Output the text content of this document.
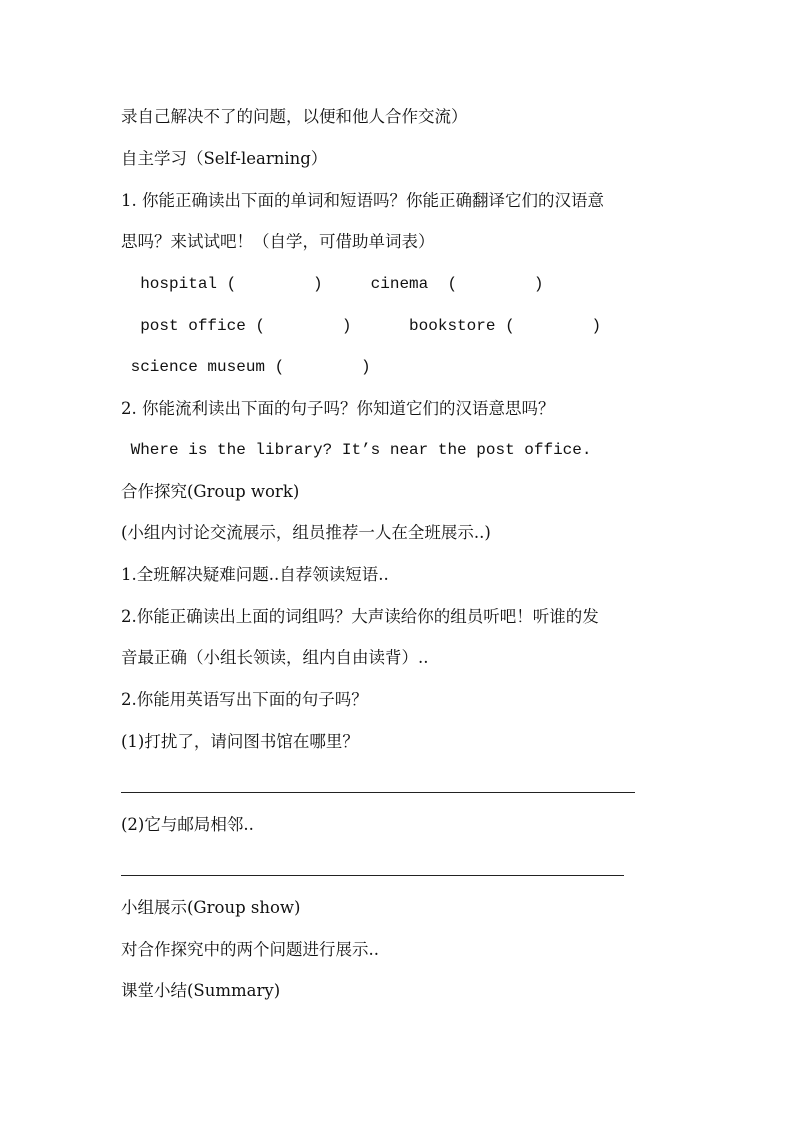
录自己解决不了的问题，以便和他人合作交流）
自主学习（Self-learning）
1. 你能正确读出下面的单词和短语吗？你能正确翻译它们的汉语意
思吗？来试试吧！（自学，可借助单词表）
hospital (        )     cinema  (        )
post office (        )      bookstore (        )
science museum (        )
2. 你能流利读出下面的句子吗？你知道它们的汉语意思吗？
Where is the library? It’s near the post office.
合作探究(Group work)
(小组内讨论交流展示，组员推荐一人在全班展示..)
1.全班解决疑难问题..自荐领读短语..
2.你能正确读出上面的词组吗？大声读给你的组员听吧！听谁的发
音最正确（小组长领读，组内自由读背）..
2.你能用英语写出下面的句子吗？
(1)打扰了，请问图书馆在哪里？
(2)它与邮局相邻..
小组展示(Group show)
对合作探究中的两个问题进行展示..
课堂小结(Summary)
